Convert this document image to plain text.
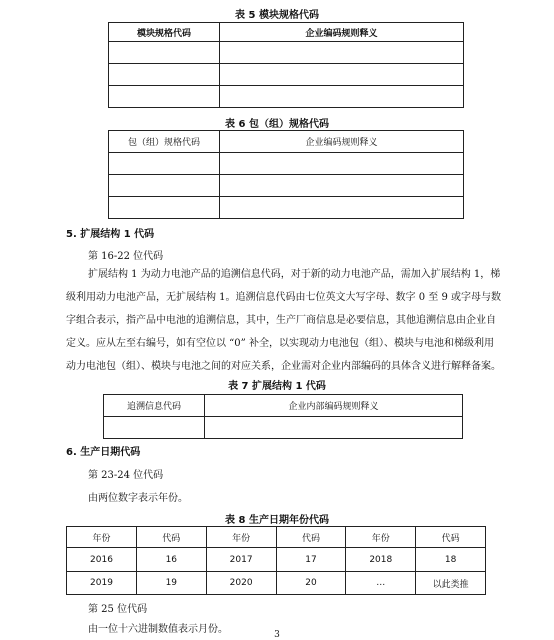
表 5 模块规格代码
模块规格代码	企业编码规则释义

表 6 包（组）规格代码
包（组）规格代码	企业编码规则释义

5. 扩展结构 1 代码
第 16-22 位代码

扩展结构 1 为动力电池产品的追溯信息代码，对于新的动力电池产品，需加入扩展结构 1，梯级利用动力电池产品，无扩展结构 1。追溯信息代码由七位英文大写字母、数字 0 至 9 或字母与数字组合表示，指产品中电池的追溯信息，其中，生产厂商信息是必要信息，其他追溯信息由企业自定义。应从左至右编号，如有空位以 “0” 补全，以实现动力电池包（组）、模块与电池和梯级利用动力电池包（组）、模块与电池之间的对应关系，企业需对企业内部编码的具体含义进行解释备案。

表 7 扩展结构 1 代码
追溯信息代码	企业内部编码规则释义

6. 生产日期代码
第 23-24 位代码
由两位数字表示年份。
表 8 生产日期年份代码
年份	代码	年份	代码	年份	代码
2016	16	2017	17	2018	18
2019	19	2020	20	…	以此类推
第 25 位代码
由一位十六进制数值表示月份。	3
